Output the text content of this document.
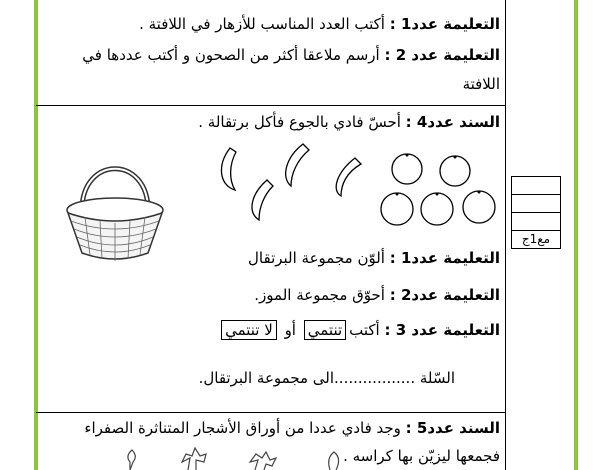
التعليمة عدد1 : أكتب العدد المناسب للأزهار في اللافتة .
التعليمة عدد 2 : أرسم ملاعقا أكثر من الصحون و أكتب عددها في
اللافتة
السند عدد4 : أحسّ فادي بالجوع فأكل برتقالة .
مع1ج
التعليمة عدد1 : ألوّن مجموعة البرتقال
التعليمة عدد2 : أحوّق مجموعة الموز.
التعليمة عدد 3 : أكتبتنتمي أو لا تنتمي
السّلة .................الى مجموعة البرتقال.
السند عدد5 : وجد فادي عددا من أوراق الأشجار المتناثرة الصفراء
فجمعها ليزيّن بها كراسه .
